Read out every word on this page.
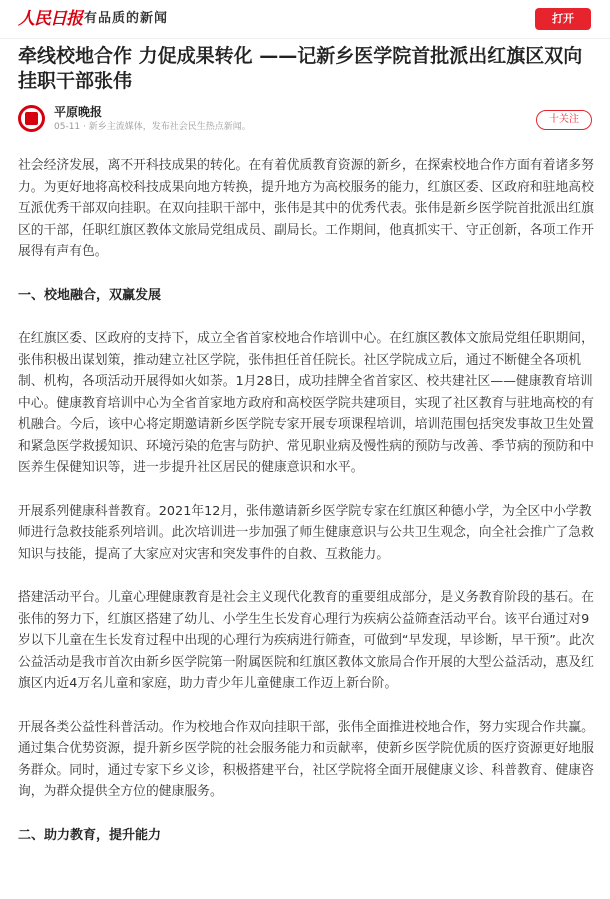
人民日报 有品质的新闻	打开
牵线校地合作 力促成果转化 ——记新乡医学院首批派出红旗区双向挂职干部张伟
平原晚报
05-11 · 新乡主流媒体，发布社会民生热点新闻。
十关注

社会经济发展，离不开科技成果的转化。在有着优质教育资源的新乡，在探索校地合作方面有着诸多努力。为更好地将高校科技成果向地方转换，提升地方为高校服务的能力，红旗区委、区政府和驻地高校互派优秀干部双向挂职。在双向挂职干部中，张伟是其中的优秀代表。张伟是新乡医学院首批派出红旗区的干部，任职红旗区教体文旅局党组成员、副局长。工作期间，他真抓实干、守正创新，各项工作开展得有声有色。

一、校地融合，双赢发展

在红旗区委、区政府的支持下，成立全省首家校地合作培训中心。在红旗区教体文旅局党组任职期间，张伟积极出谋划策，推动建立社区学院，张伟担任首任院长。社区学院成立后，通过不断健全各项机制、机构，各项活动开展得如火如荼。1月28日，成功挂牌全省首家区、校共建社区——健康教育培训中心。健康教育培训中心为全省首家地方政府和高校医学院共建项目，实现了社区教育与驻地高校的有机融合。今后，该中心将定期邀请新乡医学院专家开展专项课程培训，培训范围包括突发事故卫生处置和紧急医学救援知识、环境污染的危害与防护、常见职业病及慢性病的预防与改善、季节病的预防和中医养生保健知识等，进一步提升社区居民的健康意识和水平。

开展系列健康科普教育。2021年12月，张伟邀请新乡医学院专家在红旗区种德小学，为全区中小学教师进行急救技能系列培训。此次培训进一步加强了师生健康意识与公共卫生观念，向全社会推广了急救知识与技能，提高了大家应对灾害和突发事件的自救、互救能力。

搭建活动平台。儿童心理健康教育是社会主义现代化教育的重要组成部分，是义务教育阶段的基石。在张伟的努力下，红旗区搭建了幼儿、小学生生长发育心理行为疾病公益筛查活动平台。该平台通过对9岁以下儿童在生长发育过程中出现的心理行为疾病进行筛查，可做到“早发现，早诊断，早干预”。此次公益活动是我市首次由新乡医学院第一附属医院和红旗区教体文旅局合作开展的大型公益活动，惠及红旗区内近4万名儿童和家庭，助力青少年儿童健康工作迈上新台阶。

开展各类公益性科普活动。作为校地合作双向挂职干部，张伟全面推进校地合作，努力实现合作共赢。通过集合优势资源，提升新乡医学院的社会服务能力和贡献率，使新乡医学院优质的医疗资源更好地服务群众。同时，通过专家下乡义诊，积极搭建平台，社区学院将全面开展健康义诊、科普教育、健康咨询，为群众提供全方位的健康服务。

二、助力教育，提升能力
